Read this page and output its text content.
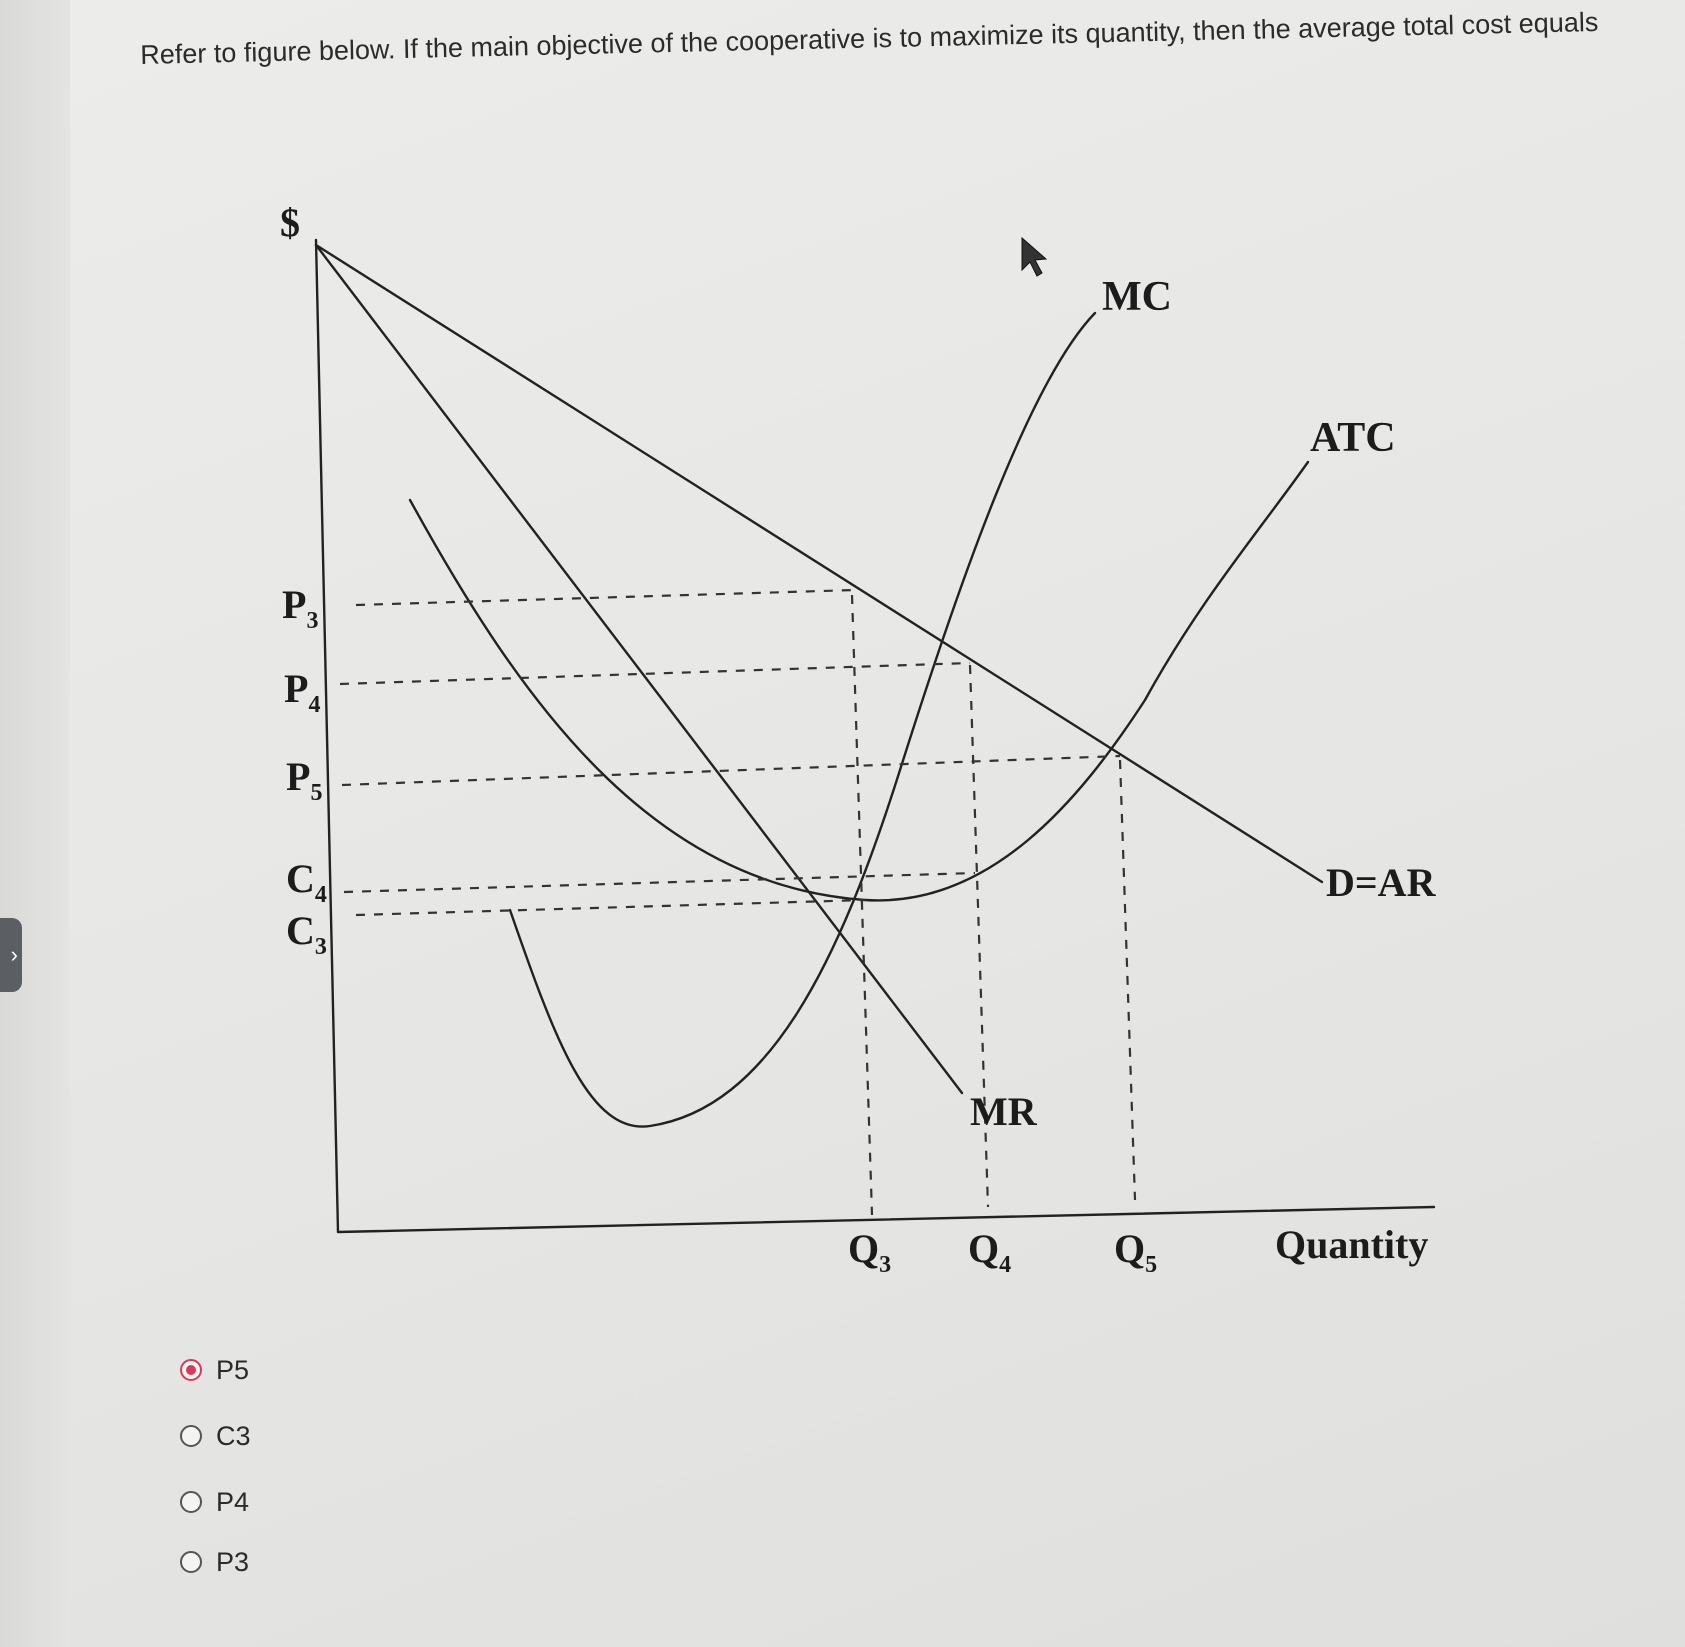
›
Refer to figure below. If the main objective of the cooperative is to maximize its quantity, then the average total cost equals
$
Quantity
MC
ATC
D=AR
MR
$P_3$
$P_4$
$P_5$
$C_4$
$C_3$
$Q_3$ $Q_4$	$Q_5$
P5
C3
P4
P3
